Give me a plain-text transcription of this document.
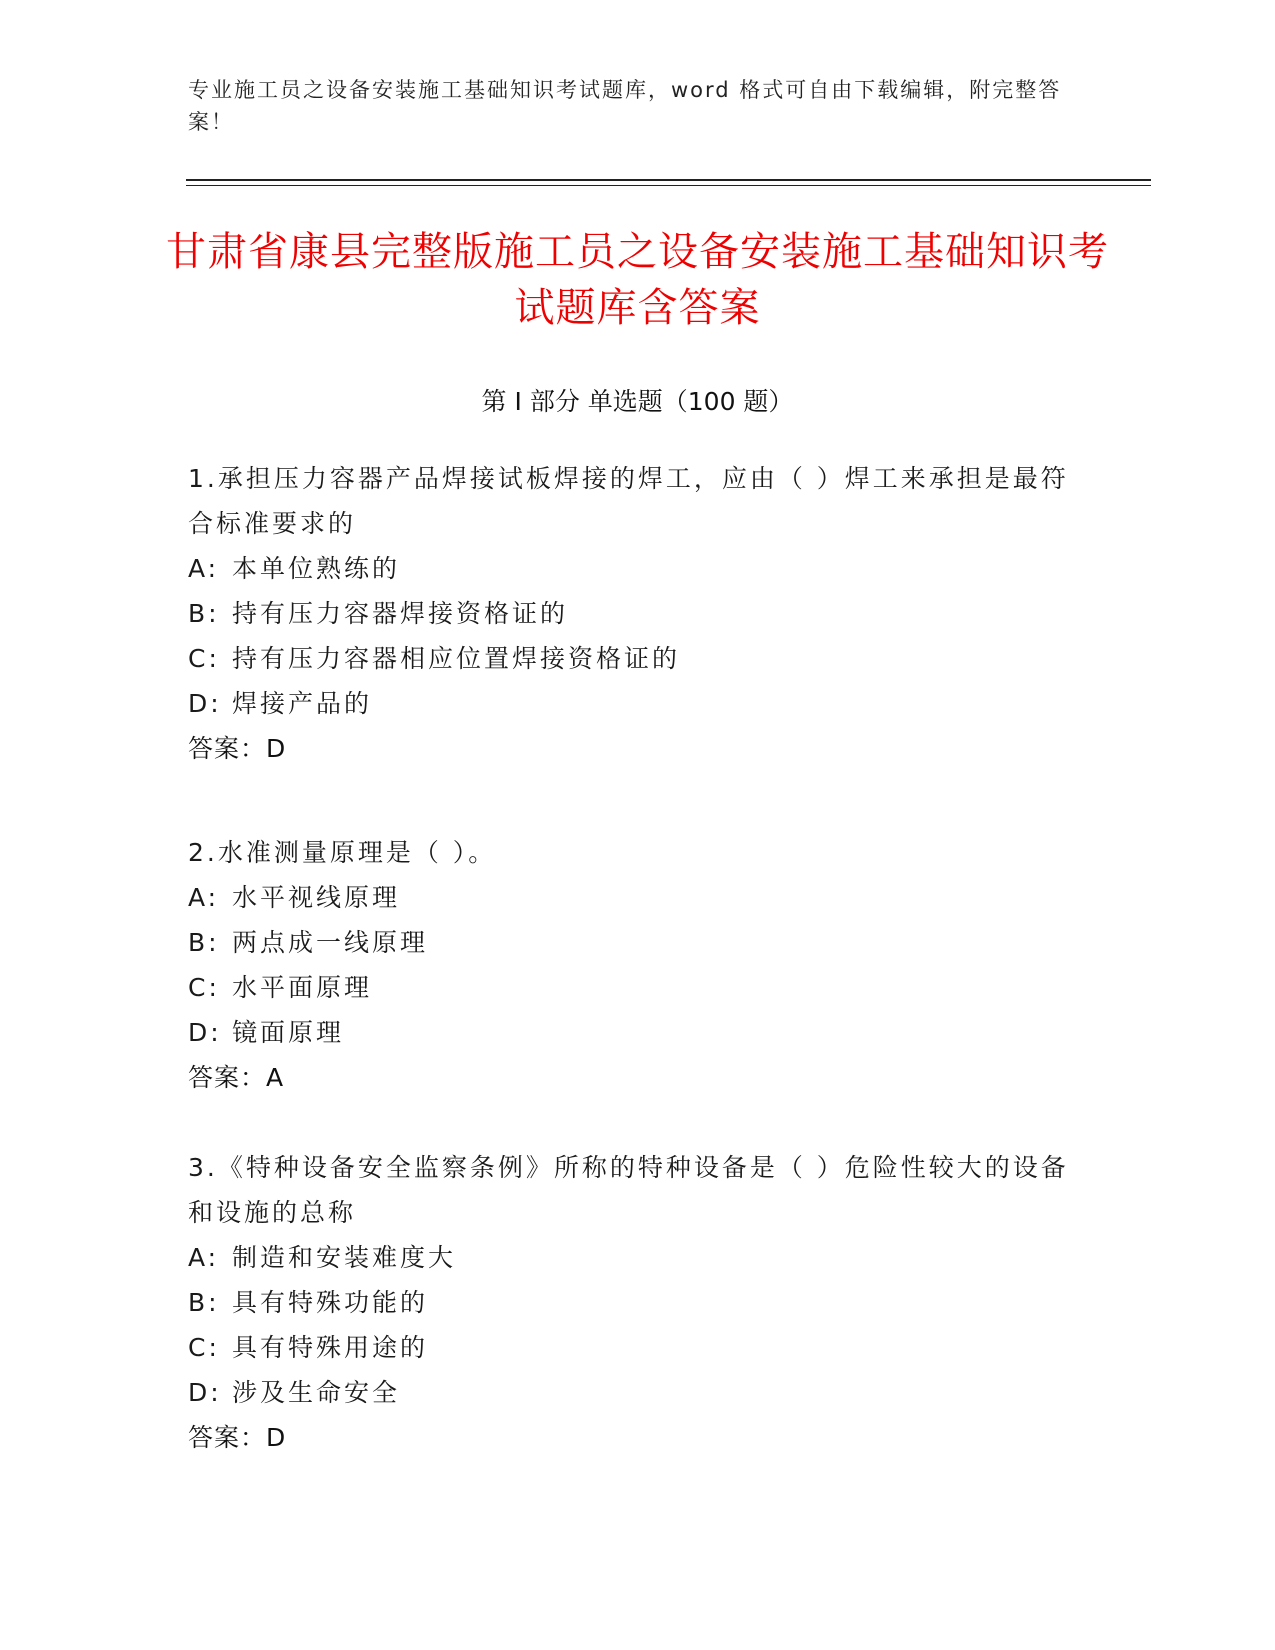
专业施工员之设备安装施工基础知识考试题库，word 格式可自由下载编辑，附完整答案！
甘肃省康县完整版施工员之设备安装施工基础知识考试题库含答案
第 I 部分 单选题（100 题）
1.承担压力容器产品焊接试板焊接的焊工，应由（ ）焊工来承担是最符合标准要求的
A: 本单位熟练的
B: 持有压力容器焊接资格证的
C: 持有压力容器相应位置焊接资格证的
D: 焊接产品的
答案：D
2.水准测量原理是（ ）。
A: 水平视线原理
B: 两点成一线原理
C: 水平面原理
D: 镜面原理
答案：A
3.《特种设备安全监察条例》所称的特种设备是（ ）危险性较大的设备和设施的总称
A: 制造和安装难度大
B: 具有特殊功能的
C: 具有特殊用途的
D: 涉及生命安全
答案：D
